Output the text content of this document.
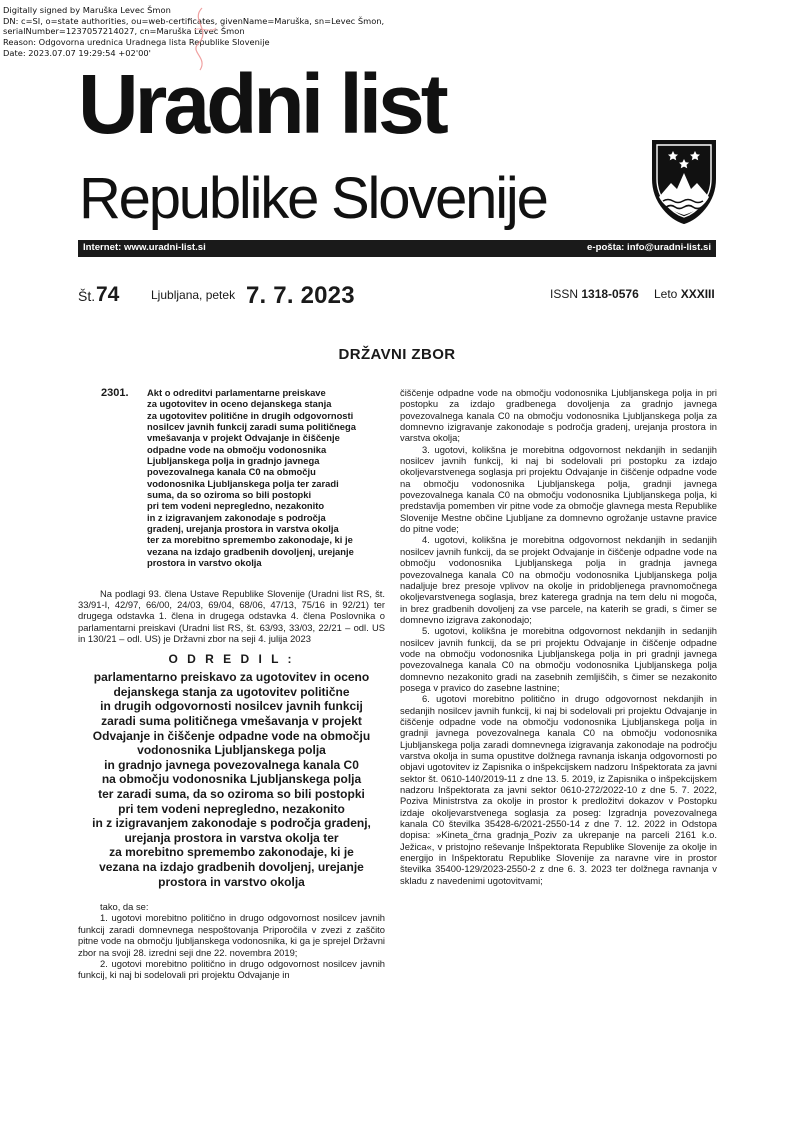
Digitally signed by Maruška Levec Šmon
DN: c=SI, o=state authorities, ou=web-certificates, givenName=Maruška, sn=Levec Šmon,
serialNumber=1237057214027, cn=Maruška Levec Šmon
Reason: Odgovorna urednica Uradnega lista Republike Slovenije
Date: 2023.07.07 19:29:54 +02'00'
Uradni list
Republike Slovenije
Internet: www.uradni-list.si	e-pošta: info@uradni-list.si
Št. 74	Ljubljana, petek 7. 7. 2023	ISSN 1318-0576 Leto XXXIII
DRŽAVNI ZBOR
2301. Akt o odreditvi parlamentarne preiskave
za ugotovitev in oceno dejanskega stanja
za ugotovitev politične in drugih odgovornosti
nosilcev javnih funkcij zaradi suma političnega
vmešavanja v projekt Odvajanje in čiščenje
odpadne vode na območju vodonosnika
Ljubljanskega polja in gradnjo javnega
povezovalnega kanala C0 na območju
vodonosnika Ljubljanskega polja ter zaradi
suma, da so oziroma so bili postopki
pri tem vodeni nepregledno, nezakonito
in z izigravanjem zakonodaje s področja
gradenj, urejanja prostora in varstva okolja
ter za morebitno spremembo zakonodaje, ki je
vezana na izdajo gradbenih dovoljenj, urejanje
prostora in varstvo okolja

Na podlagi 93. člena Ustave Republike Slovenije (Uradni list RS, št. 33/91-I, 42/97, 66/00, 24/03, 69/04, 68/06, 47/13, 75/16 in 92/21) ter drugega odstavka 1. člena in drugega odstavka 4. člena Poslovnika o parlamentarni preiskavi (Uradni list RS, št. 63/93, 33/03, 22/21 – odl. US in 130/21 – odl. US) je Državni zbor na seji 4. julija 2023

O D R E D I L :
parlamentarno preiskavo za ugotovitev in oceno
dejanskega stanja za ugotovitev politične
in drugih odgovornosti nosilcev javnih funkcij
zaradi suma političnega vmešavanja v projekt
Odvajanje in čiščenje odpadne vode na območju
vodonosnika Ljubljanskega polja
in gradnjo javnega povezovalnega kanala C0
na območju vodonosnika Ljubljanskega polja
ter zaradi suma, da so oziroma so bili postopki
pri tem vodeni nepregledno, nezakonito
in z izigravanjem zakonodaje s področja gradenj,
urejanja prostora in varstva okolja ter
za morebitno spremembo zakonodaje, ki je
vezana na izdajo gradbenih dovoljenj, urejanje
prostora in varstvo okolja

tako, da se:

1. ugotovi morebitno politično in drugo odgovornost nosilcev javnih funkcij zaradi domnevnega nespoštovanja Priporočila v zvezi z zaščito pitne vode na območju ljubljanskega vodonosnika, ki ga je sprejel Državni zbor na svoji 28. izredni seji dne 22. novembra 2019;

2. ugotovi morebitno politično in drugo odgovornost nosilcev javnih funkcij, ki naj bi sodelovali pri projektu Odvajanje in

čiščenje odpadne vode na območju vodonosnika Ljubljanskega polja in pri postopku za izdajo gradbenega dovoljenja za gradnjo javnega povezovalnega kanala C0 na območju vodonosnika Ljubljanskega polja za domnevno izigravanje zakonodaje s področja gradenj, urejanja prostora in varstva okolja;

3. ugotovi, kolikšna je morebitna odgovornost nekdanjih in sedanjih nosilcev javnih funkcij, ki naj bi sodelovali pri postopku za izdajo okoljevarstvenega soglasja pri projektu Odvajanje in čiščenje odpadne vode na območju vodonosnika Ljubljanskega polja, gradnji javnega povezovalnega kanala C0 na območju vodonosnika Ljubljanskega polja, ki predstavlja pomemben vir pitne vode za območje glavnega mesta Republike Slovenije Mestne občine Ljubljane za domnevno ogrožanje ustavne pravice do pitne vode;

4. ugotovi, kolikšna je morebitna odgovornost nekdanjih in sedanjih nosilcev javnih funkcij, da se projekt Odvajanje in čiščenje odpadne vode na območju vodonosnika Ljubljanskega polja in gradnja javnega povezovalnega kanala C0 na območju vodonosnika Ljubljanskega polja nadaljuje brez presoje vplivov na okolje in pridobljenega pravnomočnega okoljevarstvenega soglasja, brez katerega gradnja na tem delu ni mogoča, in brez gradbenih dovoljenj za vse parcele, na katerih se gradi, s čimer se domnevno izigrava zakonodajo;

5. ugotovi, kolikšna je morebitna odgovornost nekdanjih in sedanjih nosilcev javnih funkcij, da se pri projektu Odvajanje in čiščenje odpadne vode na območju vodonosnika Ljubljanskega polja in pri gradnji javnega povezovalnega kanala C0 na območju vodonosnika Ljubljanskega polja domnevno nezakonito gradi na zasebnih zemljiščih, s čimer se nezakonito posega v pravico do zasebne lastnine;

6. ugotovi morebitno politično in drugo odgovornost nekdanjih in sedanjih nosilcev javnih funkcij, ki naj bi sodelovali pri projektu Odvajanje in čiščenje odpadne vode na območju vodonosnika Ljubljanskega polja in gradnji javnega povezovalnega kanala C0 na območju vodonosnika Ljubljanskega polja zaradi domnevnega izigravanja zakonodaje na področju varstva okolja in suma opustitve dolžnega ravnanja iskanja odgovornosti po objavi ugotovitev iz Zapisnika o inšpekcijskem nadzoru Inšpektorata za javni sektor št. 0610-140/2019-11 z dne 13. 5. 2019, iz Zapisnika o inšpekcijskem nadzoru Inšpektorata za javni sektor 0610-272/2022-10 z dne 5. 7. 2022, Poziva Ministrstva za okolje in prostor k predložitvi dokazov v Postopku izdaje okoljevarstvenega soglasja za poseg: Izgradnja povezovalnega kanala C0 številka 35428-6/2021-2550-14 z dne 7. 12. 2022 in Odstopa dopisa: »Kineta_črna gradnja_Poziv za ukrepanje na parceli 2161 k.o. Ježica«, v pristojno reševanje Inšpektorata Republike Slovenije za okolje in energijo in Inšpektoratu Republike Slovenije za naravne vire in prostor številka 35400-129/2023-2550-2 z dne 6. 3. 2023 ter dolžnega ravnanja v skladu z navedenimi ugotovitvami;
